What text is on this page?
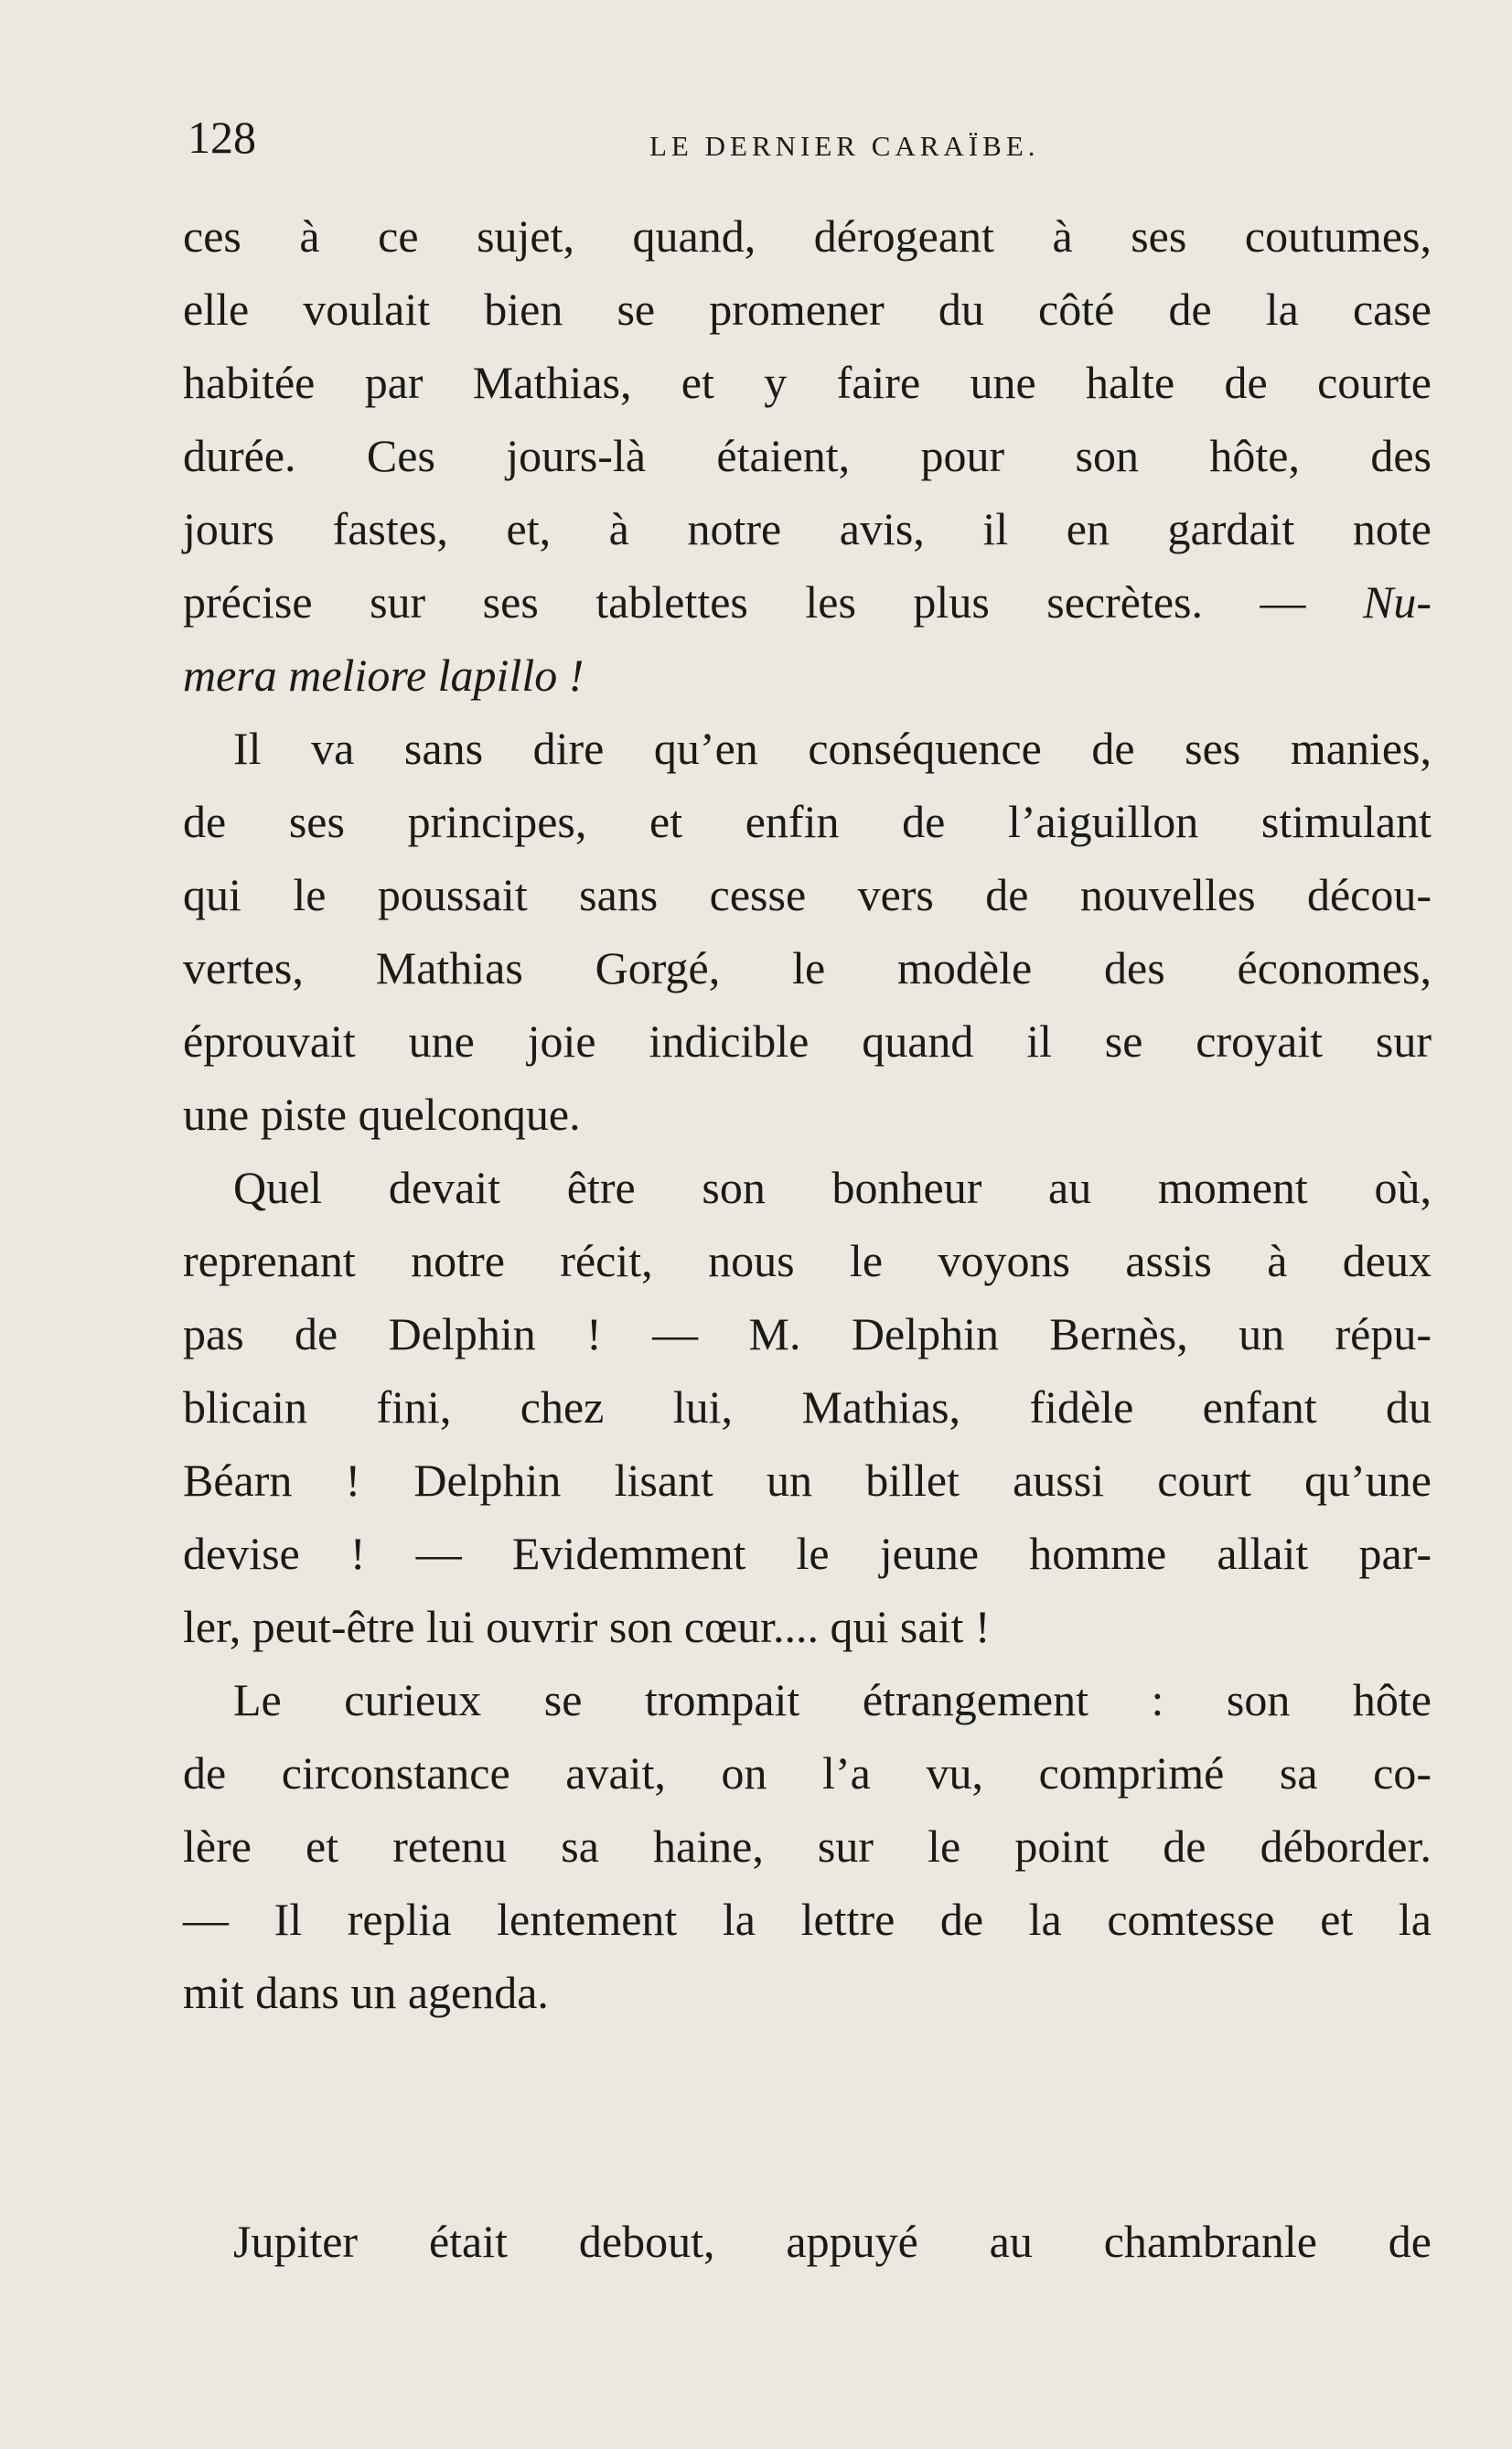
128	LE DERNIER CARAÏBE.
ces à ce sujet, quand, dérogeant à ses coutumes,
elle voulait bien se promener du côté de la case
habitée par Mathias, et y faire une halte de courte
durée. Ces jours-là étaient, pour son hôte, des
jours fastes, et, à notre avis, il en gardait note
précise sur ses tablettes les plus secrètes. — Nu-
mera meliore lapillo !
Il va sans dire qu’en conséquence de ses manies,
de ses principes, et enfin de l’aiguillon stimulant
qui le poussait sans cesse vers de nouvelles décou-
vertes, Mathias Gorgé, le modèle des économes,
éprouvait une joie indicible quand il se croyait sur
une piste quelconque.
Quel devait être son bonheur au moment où,
reprenant notre récit, nous le voyons assis à deux
pas de Delphin ! — M. Delphin Bernès, un répu-
blicain fini, chez lui, Mathias, fidèle enfant du
Béarn ! Delphin lisant un billet aussi court qu’une
devise ! — Evidemment le jeune homme allait par-
ler, peut-être lui ouvrir son cœur.... qui sait !
Le curieux se trompait étrangement : son hôte
de circonstance avait, on l’a vu, comprimé sa co-
lère et retenu sa haine, sur le point de déborder.
— Il replia lentement la lettre de la comtesse et la
mit dans un agenda.
Jupiter était debout, appuyé au chambranle de
